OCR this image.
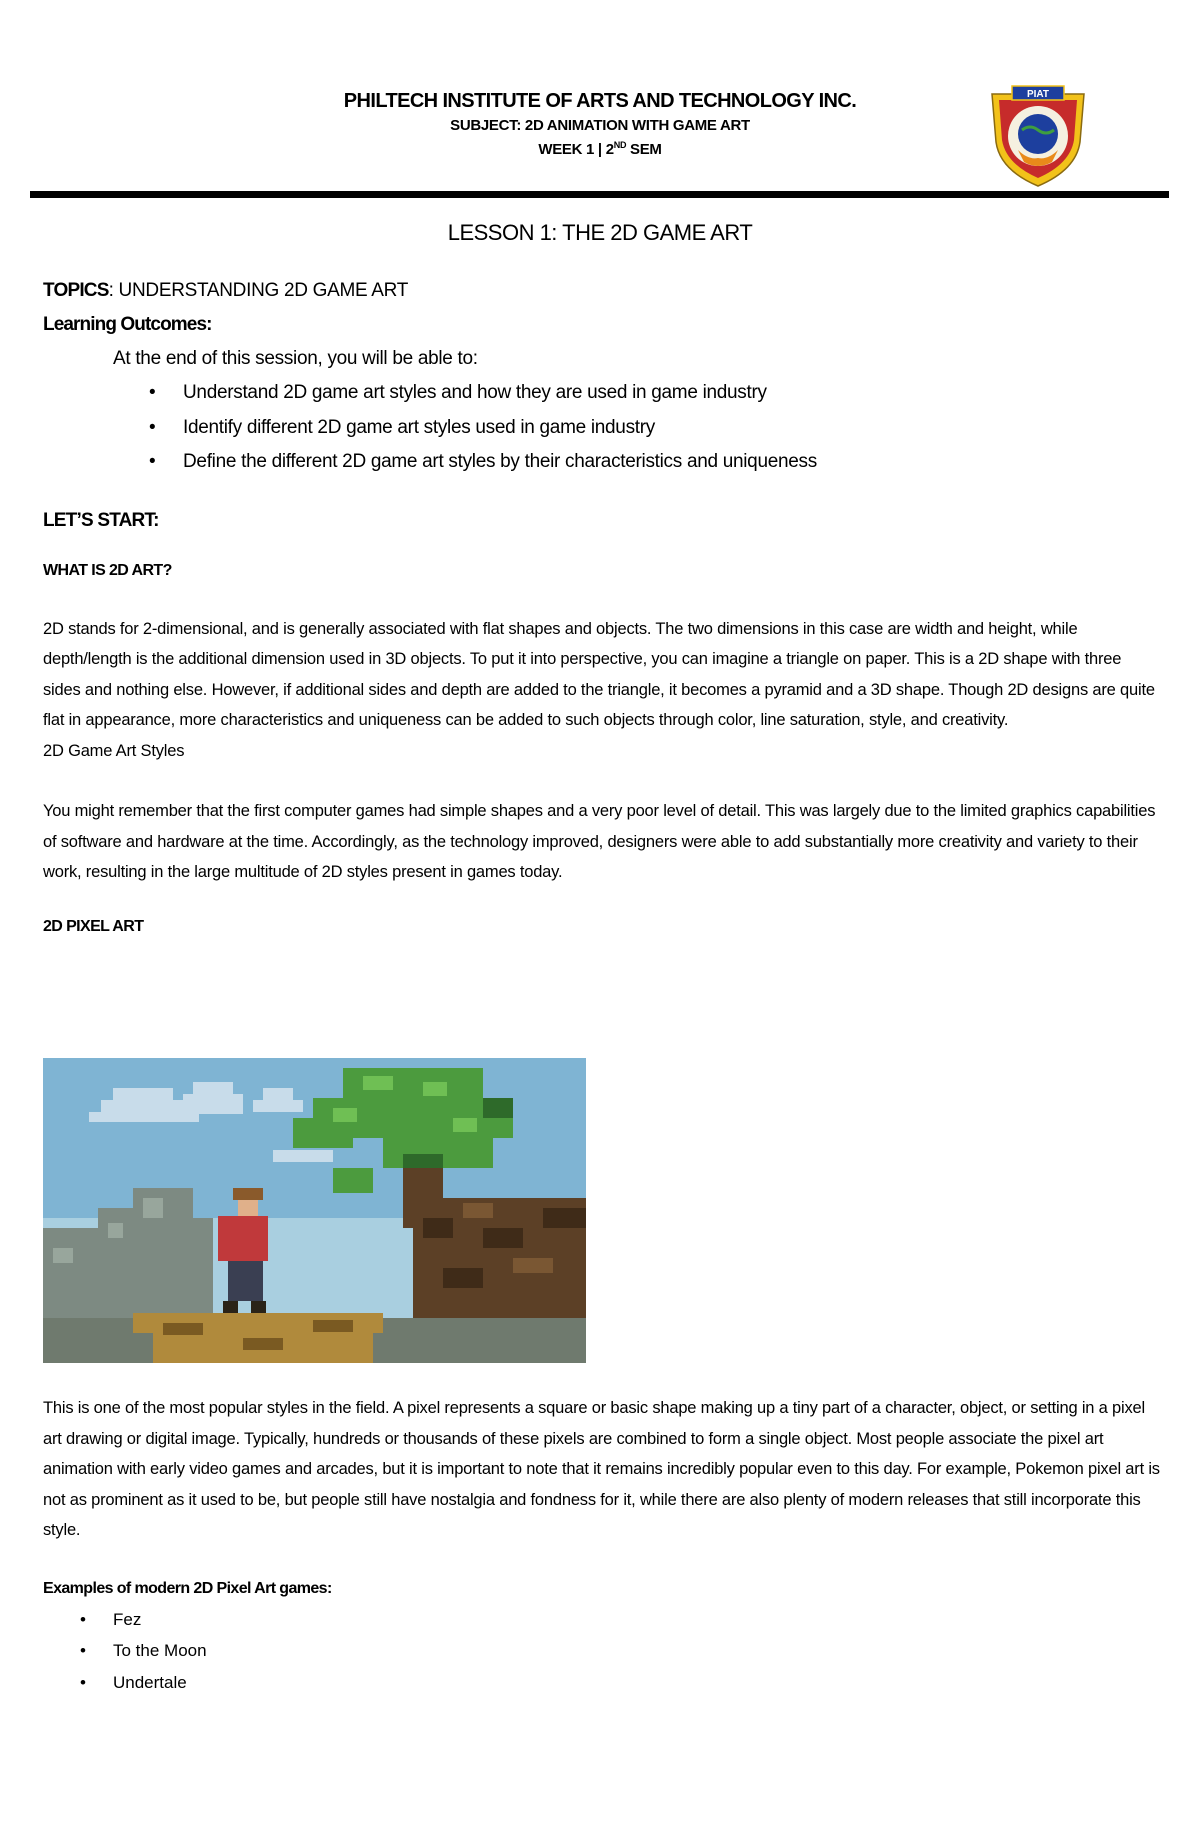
PHILTECH INSTITUTE OF ARTS AND TECHNOLOGY INC.
SUBJECT: 2D ANIMATION WITH GAME ART
WEEK 1 | 2ND SEM
PIAT
LESSON 1: THE 2D GAME ART
TOPICS: UNDERSTANDING 2D GAME ART
Learning Outcomes:
At the end of this session, you will be able to:
• Understand 2D game art styles and how they are used in game industry
• Identify different 2D game art styles used in game industry
• Define the different 2D game art styles by their characteristics and uniqueness
LET’S START:
WHAT IS 2D ART?

2D stands for 2-dimensional, and is generally associated with flat shapes and objects. The two dimensions in this case are width and height, while depth/length is the additional dimension used in 3D objects. To put it into perspective, you can imagine a triangle on paper. This is a 2D shape with three sides and nothing else. However, if additional sides and depth are added to the triangle, it becomes a pyramid and a 3D shape. Though 2D designs are quite flat in appearance, more characteristics and uniqueness can be added to such objects through color, line saturation, style, and creativity.

2D Game Art Styles

You might remember that the first computer games had simple shapes and a very poor level of detail. This was largely due to the limited graphics capabilities of software and hardware at the time. Accordingly, as the technology improved, designers were able to add substantially more creativity and variety to their work, resulting in the large multitude of 2D styles present in games today.

2D PIXEL ART

This is one of the most popular styles in the field. A pixel represents a square or basic shape making up a tiny part of a character, object, or setting in a pixel art drawing or digital image. Typically, hundreds or thousands of these pixels are combined to form a single object. Most people associate the pixel art animation with early video games and arcades, but it is important to note that it remains incredibly popular even to this day. For example, Pokemon pixel art is not as prominent as it used to be, but people still have nostalgia and fondness for it, while there are also plenty of modern releases that still incorporate this style.

Examples of modern 2D Pixel Art games:
• Fez
• To the Moon
• Undertale
